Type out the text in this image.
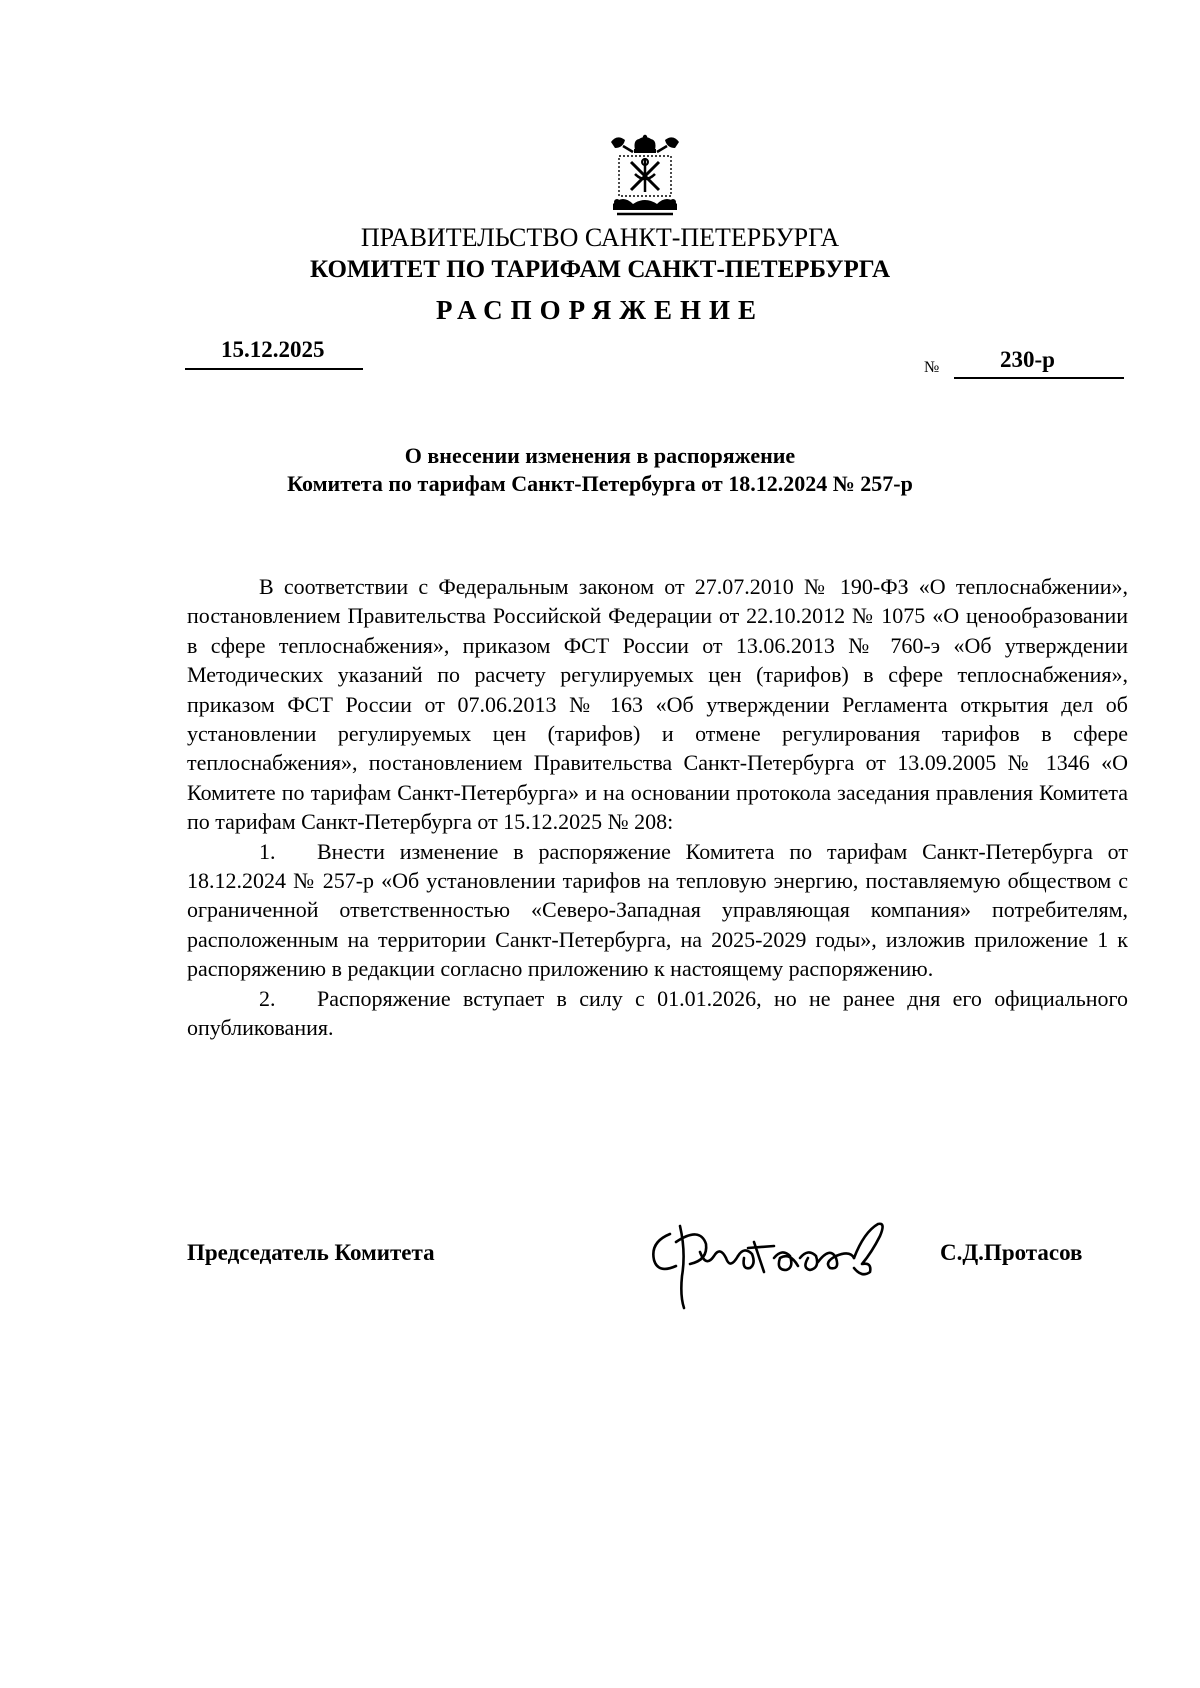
ПРАВИТЕЛЬСТВО САНКТ-ПЕТЕРБУРГА
КОМИТЕТ ПО ТАРИФАМ САНКТ-ПЕТЕРБУРГА
РАСПОРЯЖЕНИЕ
15.12.2025
№	230-р
О внесении изменения в распоряжение
Комитета по тарифам Санкт-Петербурга от 18.12.2024 № 257-р

В соответствии с Федеральным законом от 27.07.2010 № 190-ФЗ «О теплоснабжении», постановлением Правительства Российской Федерации от 22.10.2012 № 1075 «О ценообразовании в сфере теплоснабжения», приказом ФСТ России от 13.06.2013 № 760-э «Об утверждении Методических указаний по расчету регулируемых цен (тарифов) в сфере теплоснабжения», приказом ФСТ России от 07.06.2013 № 163 «Об утверждении Регламента открытия дел об установлении регулируемых цен (тарифов) и отмене регулирования тарифов в сфере теплоснабжения», постановлением Правительства Санкт-Петербурга от 13.09.2005 № 1346 «О Комитете по тарифам Санкт-Петербурга» и на основании протокола заседания правления Комитета по тарифам Санкт-Петербурга от 15.12.2025 № 208:

1. Внести изменение в распоряжение Комитета по тарифам Санкт-Петербурга от 18.12.2024 № 257-р «Об установлении тарифов на тепловую энергию, поставляемую обществом с ограниченной ответственностью «Северо-Западная управляющая компания» потребителям, расположенным на территории Санкт-Петербурга, на 2025-2029 годы», изложив приложение 1 к распоряжению в редакции согласно приложению к настоящему распоряжению.

2. Распоряжение вступает в силу с 01.01.2026, но не ранее дня его официального опубликования.

Председатель Комитета	С.Д.Протасов
